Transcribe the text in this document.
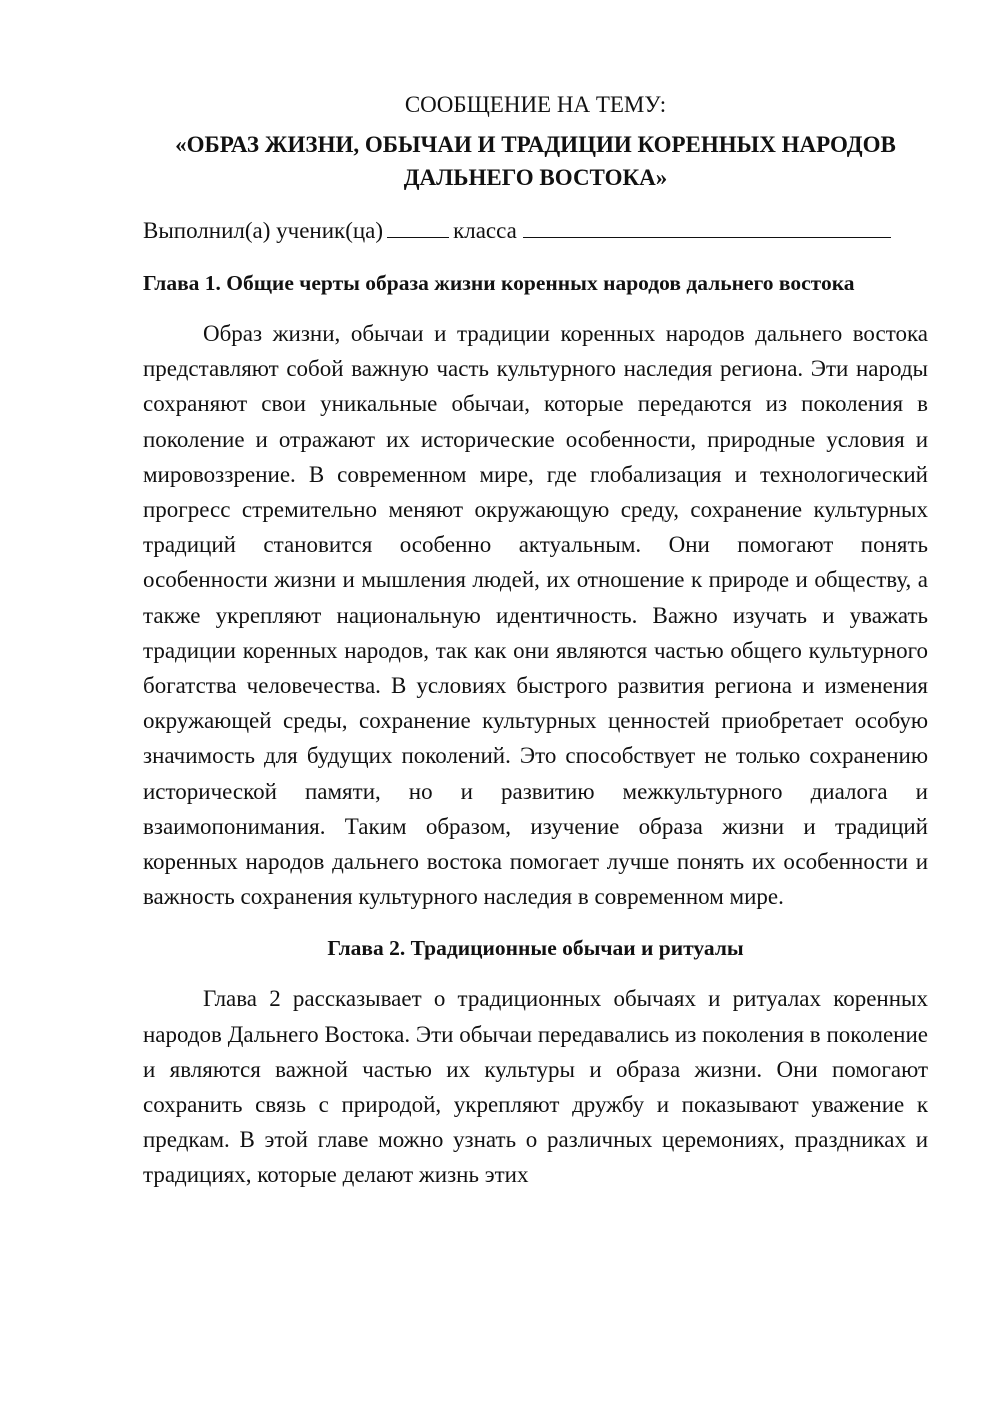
СООБЩЕНИЕ НА ТЕМУ:
«ОБРАЗ ЖИЗНИ, ОБЫЧАИ И ТРАДИЦИИ КОРЕННЫХ НАРОДОВ
ДАЛЬНЕГО ВОСТОКА»
Выполнил(а) ученик(ца)	класса
Глава 1. Общие черты образа жизни коренных народов дальнего востока

Образ жизни, обычаи и традиции коренных народов дальнего востока представляют собой важную часть культурного наследия региона. Эти народы сохраняют свои уникальные обычаи, которые передаются из поколения в поколение и отражают их исторические особенности, природные условия и мировоззрение. В современном мире, где глобализация и технологический прогресс стремительно меняют окружающую среду, сохранение культурных традиций становится особенно актуальным. Они помогают понять особенности жизни и мышления людей, их отношение к природе и обществу, а также укрепляют национальную идентичность. Важно изучать и уважать традиции коренных народов, так как они являются частью общего культурного богатства человечества. В условиях быстрого развития региона и изменения окружающей среды, сохранение культурных ценностей приобретает особую значимость для будущих поколений. Это способствует не только сохранению исторической памяти, но и развитию межкультурного диалога и взаимопонимания. Таким образом, изучение образа жизни и традиций коренных народов дальнего востока помогает лучше понять их особенности и важность сохранения культурного наследия в современном мире.

Глава 2. Традиционные обычаи и ритуалы

Глава 2 рассказывает о традиционных обычаях и ритуалах коренных народов Дальнего Востока. Эти обычаи передавались из поколения в поколение и являются важной частью их культуры и образа жизни. Они помогают сохранить связь с природой, укрепляют дружбу и показывают уважение к предкам. В этой главе можно узнать о различных церемониях, праздниках и традициях, которые делают жизнь этих
